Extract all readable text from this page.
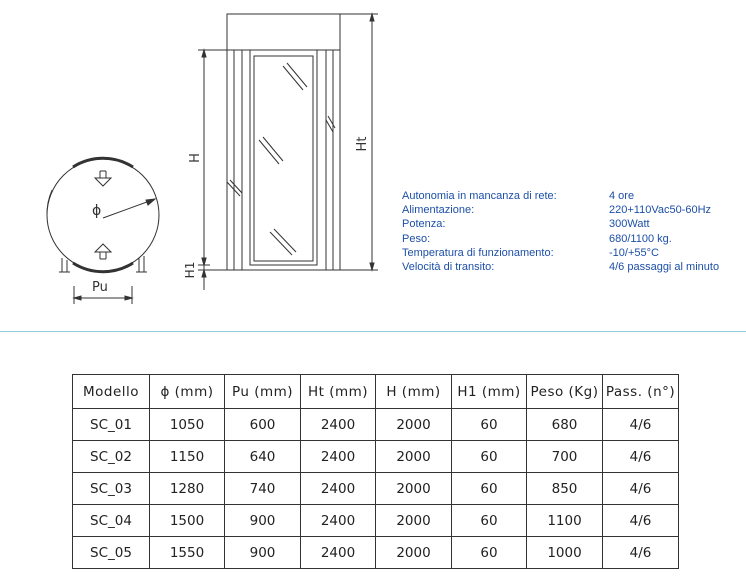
ϕ
Pu
H
H1
Ht
Autonomia in mancanza di rete:	4 ore
Alimentazione:	220+110Vac50-60Hz
Potenza:	300Watt
Peso:	680/1100 kg.
Temperatura di funzionamento:	-10/+55°C
Velocità di transito:	4/6 passaggi al minuto
Modello	ϕ (mm)	Pu (mm)	Ht (mm)	H (mm)	H1 (mm)	Peso (Kg)	Pass. (n°)
SC_01	1050	600	2400	2000	60	680	4/6
SC_02	1150	640	2400	2000	60	700	4/6
SC_03	1280	740	2400	2000	60	850	4/6
SC_04	1500	900	2400	2000	60	1100	4/6
SC_05	1550	900	2400	2000	60	1000	4/6
